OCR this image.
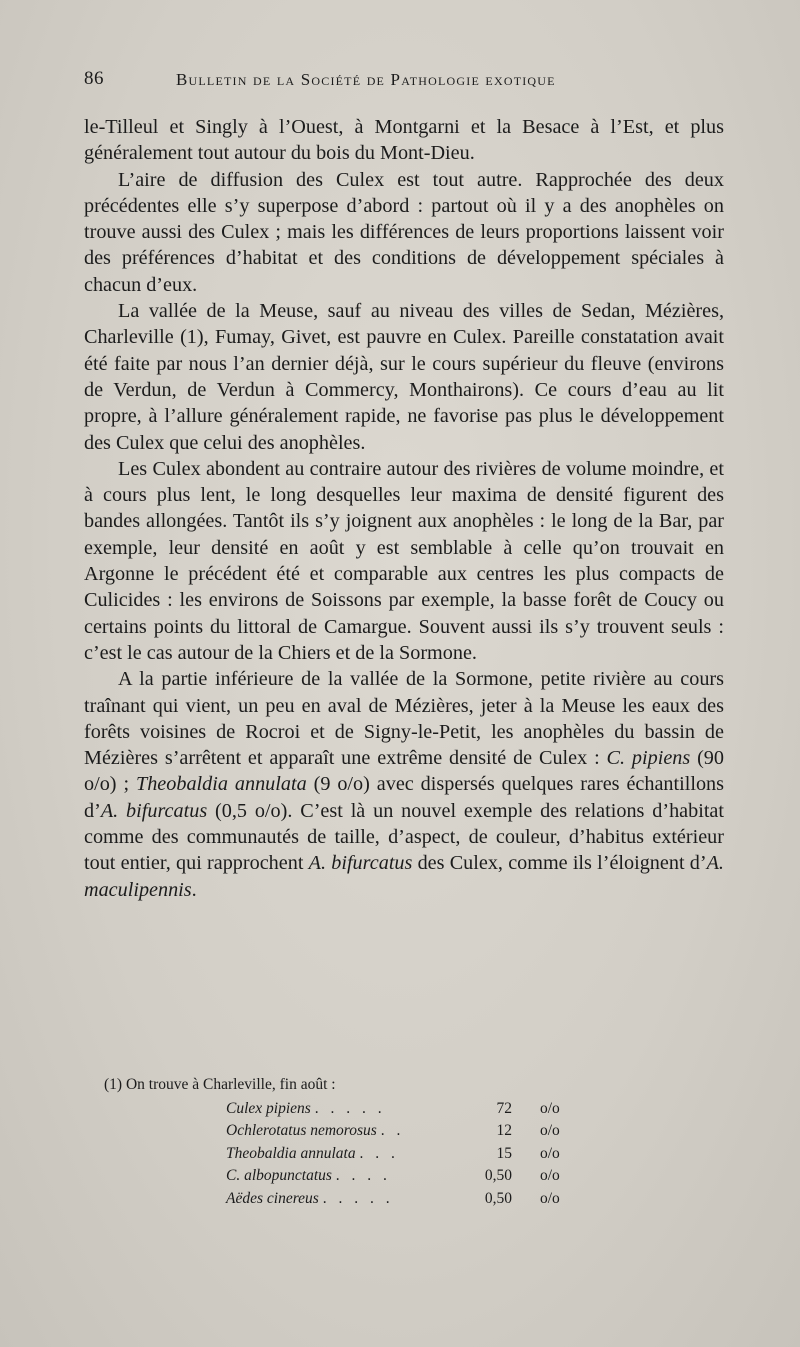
86	Bulletin de la Société de Pathologie exotique

le-Tilleul et Singly à l’Ouest, à Montgarni et la Besace à l’Est, et plus généralement tout autour du bois du Mont-Dieu.

L’aire de diffusion des Culex est tout autre. Rapprochée des deux précédentes elle s’y superpose d’abord : partout où il y a des anophèles on trouve aussi des Culex ; mais les différences de leurs proportions laissent voir des préférences d’habitat et des conditions de développement spéciales à chacun d’eux.

La vallée de la Meuse, sauf au niveau des villes de Sedan, Mézières, Charleville (1), Fumay, Givet, est pauvre en Culex. Pareille constatation avait été faite par nous l’an dernier déjà, sur le cours supérieur du fleuve (environs de Verdun, de Verdun à Commercy, Monthairons). Ce cours d’eau au lit propre, à l’allure généralement rapide, ne favorise pas plus le développement des Culex que celui des anophèles.

Les Culex abondent au contraire autour des rivières de volume moindre, et à cours plus lent, le long desquelles leur maxima de densité figurent des bandes allongées. Tantôt ils s’y joignent aux anophèles : le long de la Bar, par exemple, leur densité en août y est semblable à celle qu’on trouvait en Argonne le précédent été et comparable aux centres les plus compacts de Culicides : les environs de Soissons par exemple, la basse forêt de Coucy ou certains points du littoral de Camargue. Souvent aussi ils s’y trouvent seuls : c’est le cas autour de la Chiers et de la Sormone.

A la partie inférieure de la vallée de la Sormone, petite rivière au cours traînant qui vient, un peu en aval de Mézières, jeter à la Meuse les eaux des forêts voisines de Rocroi et de Signy-le-Petit, les anophèles du bassin de Mézières s’arrêtent et apparaît une extrême densité de Culex : C. pipiens (90 o/o) ; Theobaldia annulata (9 o/o) avec dispersés quelques rares échantillons d’A. bifurcatus (0,5 o/o). C’est là un nouvel exemple des relations d’habitat comme des communautés de taille, d’aspect, de couleur, d’habitus extérieur tout entier, qui rapprochent A. bifurcatus des Culex, comme ils l’éloignent d’A. maculipennis.

(1) On trouve à Charleville, fin août :

Culex pipiens . . . . .	72	o/o
Ochlerotatus nemorosus . .	12	o/o
Theobaldia annulata . . .	15	o/o
C. albopunctatus . . . .	0,50	o/o
Aëdes cinereus . . . . .	0,50	o/o
